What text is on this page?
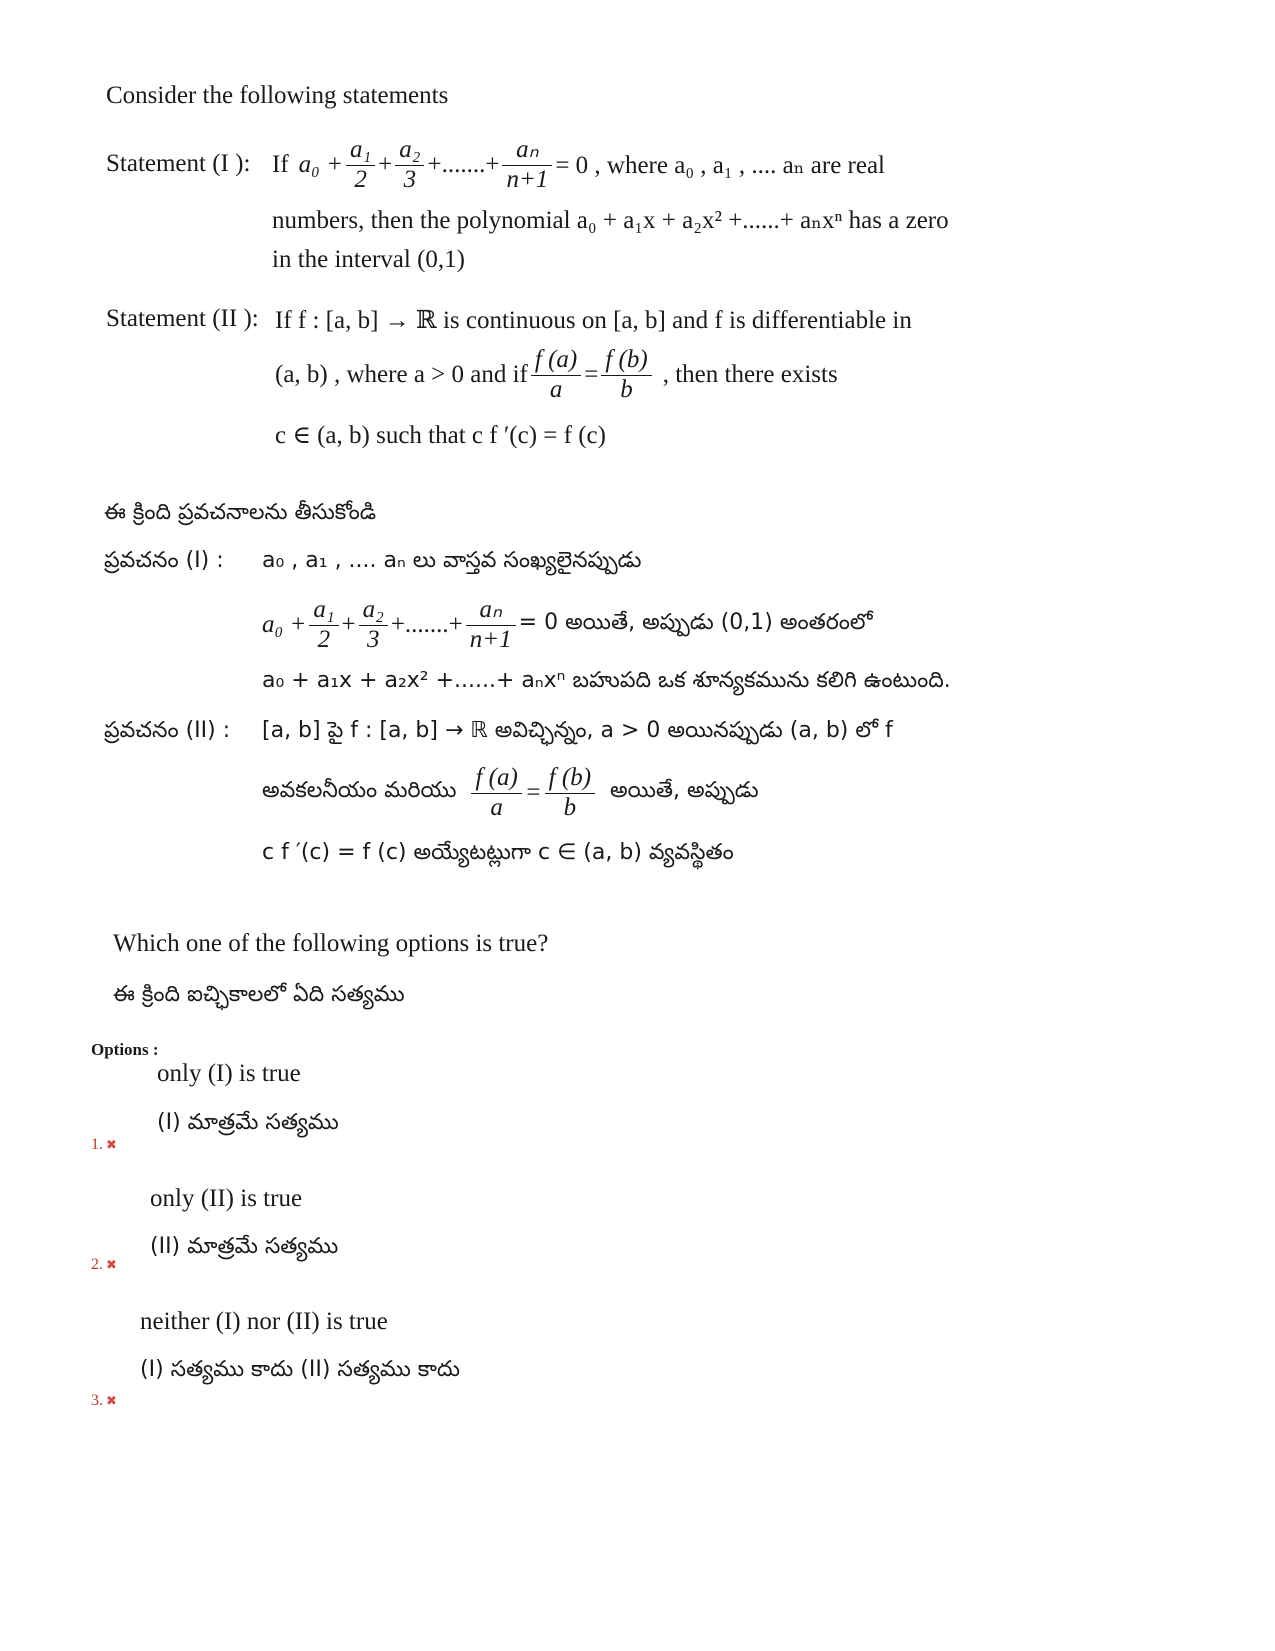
Consider the following statements
Statement (I ): If $a_0 + \frac{\text{a₁}}{2} + \frac{\text{a₂}}{3}$ +.......+ $\frac{\text{aₙ}}{n+1} = 0$ , where a₀ , a₁ , .... aₙ are real
numbers, then the polynomial a₀ + a₁x + a₂x² +......+ aₙxⁿ has a zero
in the interval (0,1)
Statement (II ): If f : [a, b] → ℝ is continuous on [a, b] and f is differentiable in
(a, b) , where a > 0 and if $\frac{f (a)}{a} = \frac{f (b)}{b}$ , then there exists
c ∈ (a, b) such that c f ′(c) = f (c)
ఈ క్రింది ప్రవచనాలను తీసుకోండి
ప్రవచనం (I) : a₀ , a₁ , .... aₙ లు వాస్తవ సంఖ్యలైనప్పుడు
$a_0 + \frac{\text{a₁}}{2} + \frac{\text{a₂}}{3}$ +.......+ $\frac{\text{aₙ}}{n+1} = 0$ అయితే, అప్పుడు (0,1) అంతరంలో
a₀ + a₁x + a₂x² +......+ aₙxⁿ బహుపది ఒక శూన్యకమును కలిగి ఉంటుంది.
ప్రవచనం (II) : [a, b] పై f : [a, b] → ℝ అవిచ్ఛిన్నం, a > 0 అయినప్పుడు (a, b) లో f
అవకలనీయం మరియు $\frac{f (a)}{a} = \frac{f (b)}{b}$ అయితే, అప్పుడు
c f ′(c) = f (c) అయ్యేటట్లుగా c ∈ (a, b) వ్యవస్థితం
Which one of the following options is true?
ఈ క్రింది ఐచ్ఛికాలలో ఏది సత్యము
Options :
only (I) is true
(I) మాత్రమే సత్యము
1. ✖
only (II) is true
(II) మాత్రమే సత్యము
2. ✖
neither (I) nor (II) is true
(I) సత్యము కాదు (II) సత్యము కాదు
3. ✖
